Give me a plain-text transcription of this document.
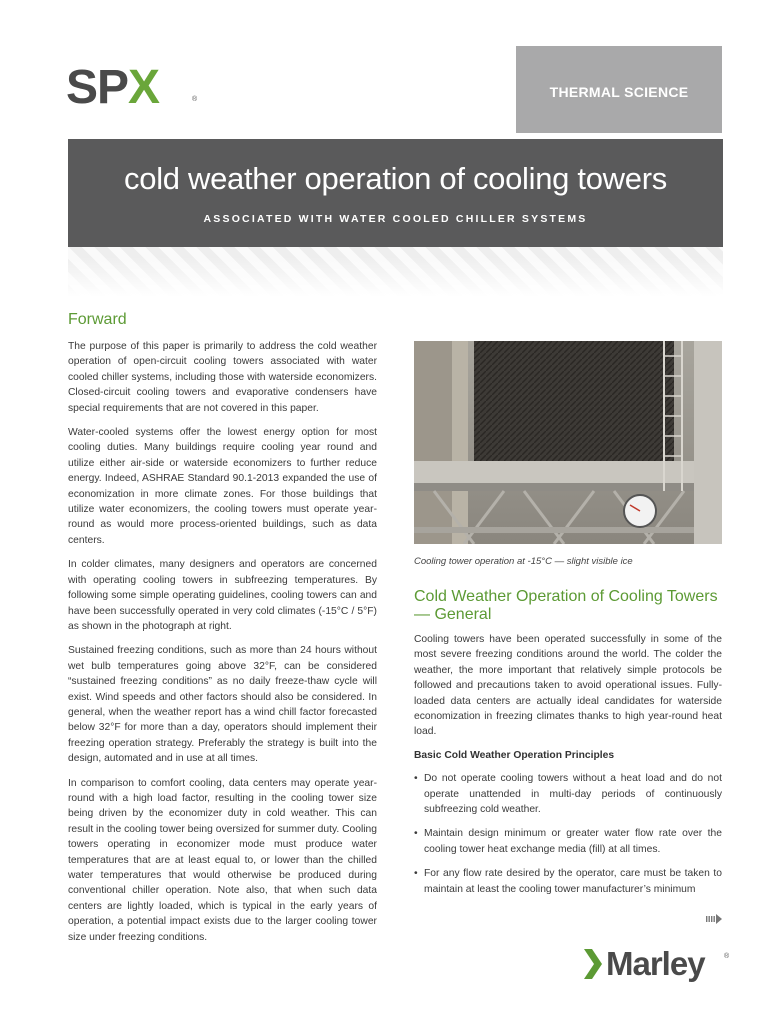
SPX	®	THERMAL SCIENCE
cold weather operation of cooling towers
ASSOCIATED WITH WATER COOLED CHILLER SYSTEMS
Forward

The purpose of this paper is primarily to address the cold weather operation of open-circuit cooling towers associated with water cooled chiller systems, including those with waterside economizers. Closed-circuit cooling towers and evaporative condensers have special requirements that are not covered in this paper.

Water-cooled systems offer the lowest energy option for most cooling duties. Many buildings require cooling year round and utilize either air-side or waterside economizers to further reduce energy. Indeed, ASHRAE Standard 90.1-2013 expanded the use of economization in more climate zones. For those buildings that utilize water economizers, the cooling towers must operate year-round as would more process-oriented buildings, such as data centers.

In colder climates, many designers and operators are concerned with operating cooling towers in subfreezing temperatures. By following some simple operating guidelines, cooling towers can and have been successfully operated in very cold climates (-15°C / 5°F) as shown in the photograph at right.

Sustained freezing conditions, such as more than 24 hours without wet bulb temperatures going above 32°F, can be considered “sustained freezing conditions” as no daily freeze-thaw cycle will exist. Wind speeds and other factors should also be considered. In general, when the weather report has a wind chill factor forecasted below 32°F for more than a day, operators should implement their freezing operation strategy. Preferably the strategy is built into the design, automated and in use at all times.

In comparison to comfort cooling, data centers may operate year-round with a high load factor, resulting in the cooling tower size being driven by the economizer duty in cold weather. This can result in the cooling tower being oversized for summer duty. Cooling towers operating in economizer mode must produce water temperatures that are at least equal to, or lower than the chilled water temperatures that would otherwise be produced during conventional chiller operation. Note also, that when such data centers are lightly loaded, which is typical in the early years of operation, a potential impact exists due to the larger cooling tower size under freezing conditions.

Cooling tower operation at -15°C — slight visible ice
Cold Weather Operation of Cooling Towers — General

Cooling towers have been operated successfully in some of the most severe freezing conditions around the world. The colder the weather, the more important that relatively simple protocols be followed and precautions taken to avoid operational issues. Fully-loaded data centers are actually ideal candidates for waterside economization in freezing climates thanks to high year-round heat load.

Basic Cold Weather Operation Principles
• Do not operate cooling towers without a heat load and do not operate unattended in multi-day periods of continuously subfreezing cold weather.
• Maintain design minimum or greater water flow rate over the cooling tower heat exchange media (fill) at all times.
• For any flow rate desired by the operator, care must be taken to maintain at least the cooling tower manufacturer’s minimum
Marley	®
